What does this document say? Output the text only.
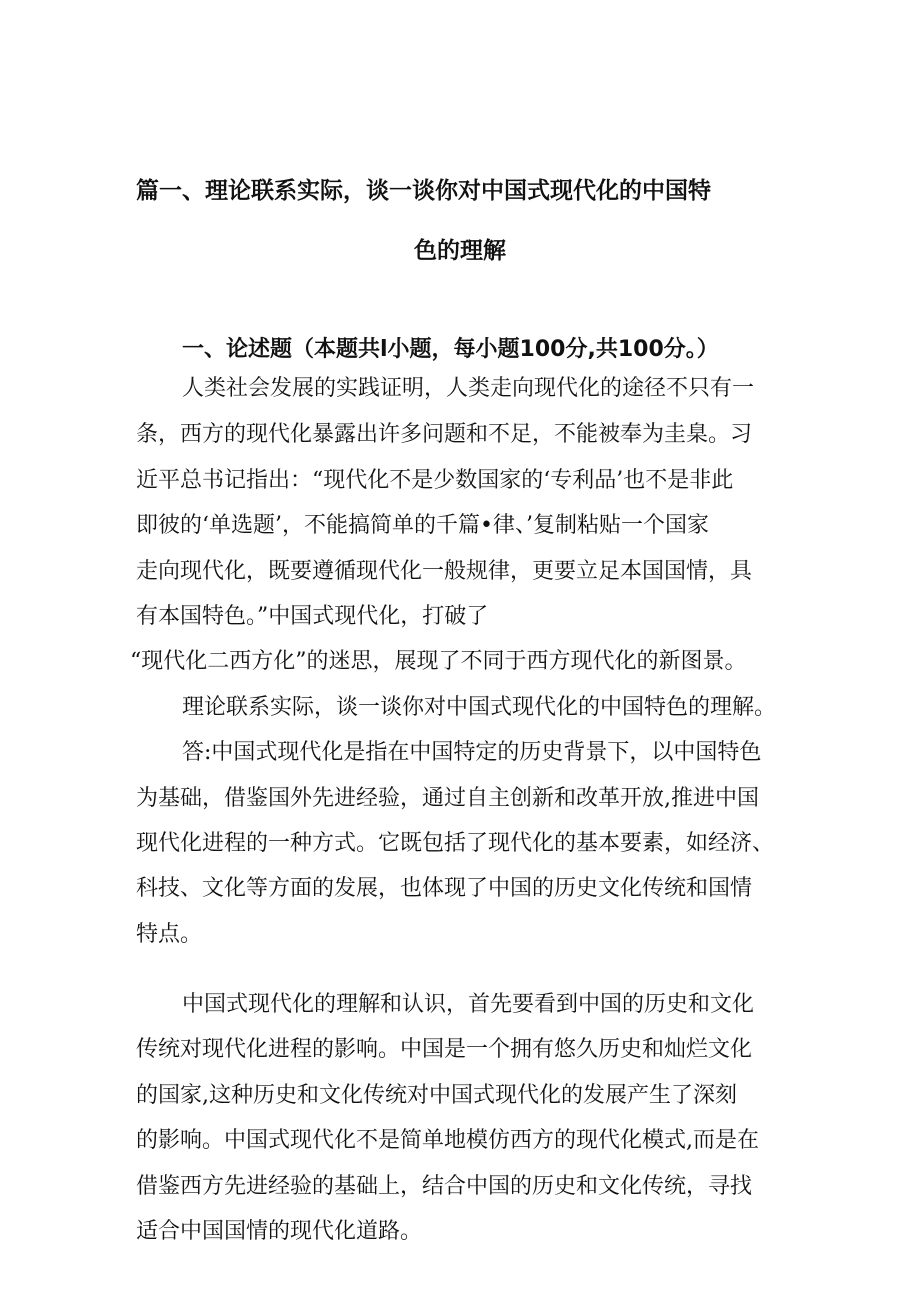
篇一、理论联系实际，谈一谈你对中国式现代化的中国特
色的理解
一、论述题（本题共l小题，每小题100分,共100分。）
人类社会发展的实践证明，人类走向现代化的途径不只有一
条，西方的现代化暴露出许多问题和不足，不能被奉为圭臬。习
近平总书记指出：“现代化不是少数国家的‘专利品’也不是非此
即彼的‘单选题’，不能搞简单的千篇•律、’复制粘贴一个国家
走向现代化，既要遵循现代化一般规律，更要立足本国国情，具
有本国特色。”中国式现代化，打破了
“现代化二西方化”的迷思，展现了不同于西方现代化的新图景。
理论联系实际，谈一谈你对中国式现代化的中国特色的理解。
答:中国式现代化是指在中国特定的历史背景下，以中国特色
为基础，借鉴国外先进经验，通过自主创新和改革开放,推进中国
现代化进程的一种方式。它既包括了现代化的基本要素，如经济、
科技、文化等方面的发展，也体现了中国的历史文化传统和国情
特点。
中国式现代化的理解和认识，首先要看到中国的历史和文化
传统对现代化进程的影响。中国是一个拥有悠久历史和灿烂文化
的国家,这种历史和文化传统对中国式现代化的发展产生了深刻
的影响。中国式现代化不是简单地模仿西方的现代化模式,而是在
借鉴西方先进经验的基础上，结合中国的历史和文化传统，寻找
适合中国国情的现代化道路。
